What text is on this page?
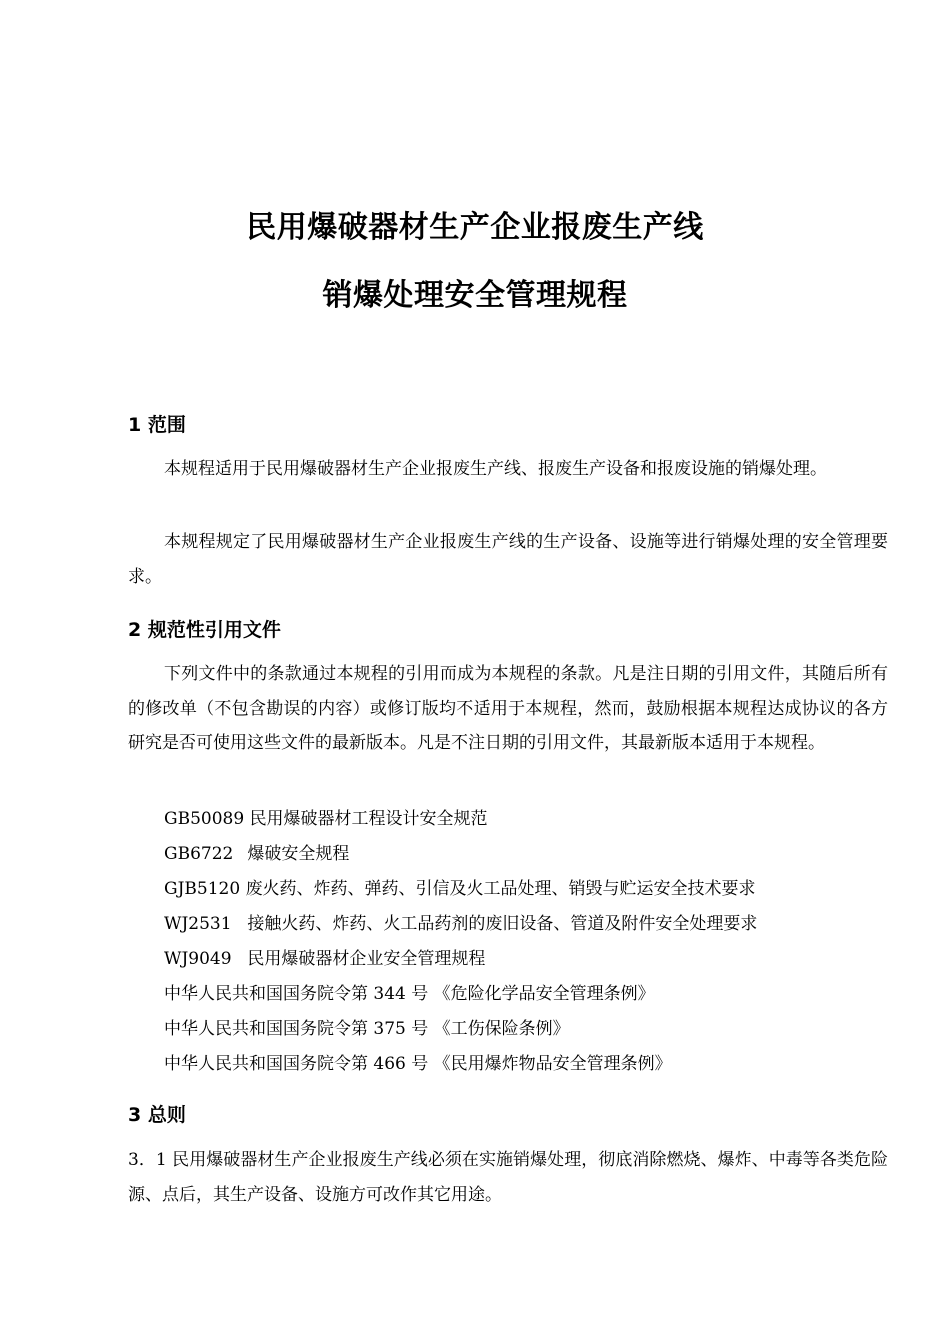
民用爆破器材生产企业报废生产线
销爆处理安全管理规程
1 范围
本规程适用于民用爆破器材生产企业报废生产线、报废生产设备和报废设施的销爆处理。
本规程规定了民用爆破器材生产企业报废生产线的生产设备、设施等进行销爆处理的安全管理要求。
2 规范性引用文件
下列文件中的条款通过本规程的引用而成为本规程的条款。凡是注日期的引用文件，其随后所有的修改单（不包含勘误的内容）或修订版均不适用于本规程，然而，鼓励根据本规程达成协议的各方研究是否可使用这些文件的最新版本。凡是不注日期的引用文件，其最新版本适用于本规程。
GB50089 民用爆破器材工程设计安全规范
GB6722 爆破安全规程
GJB5120 废火药、炸药、弹药、引信及火工品处理、销毁与贮运安全技术要求
WJ2531 接触火药、炸药、火工品药剂的废旧设备、管道及附件安全处理要求
WJ9049 民用爆破器材企业安全管理规程
中华人民共和国国务院令第 344 号 《危险化学品安全管理条例》
中华人民共和国国务院令第 375 号 《工伤保险条例》
中华人民共和国国务院令第 466 号 《民用爆炸物品安全管理条例》
3 总则
3．1 民用爆破器材生产企业报废生产线必须在实施销爆处理，彻底消除燃烧、爆炸、中毒等各类危险源、点后，其生产设备、设施方可改作其它用途。
